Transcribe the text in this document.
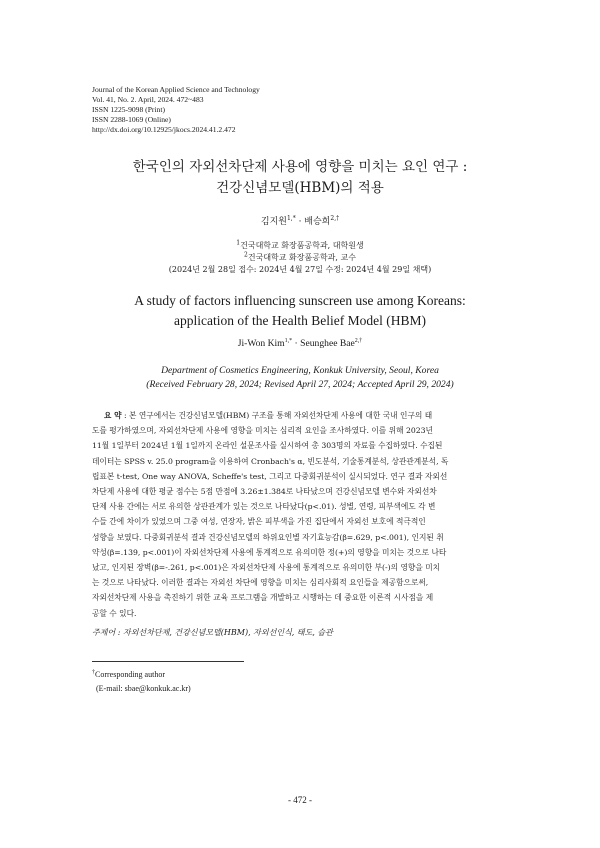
Journal of the Korean Applied Science and Technology
Vol. 41, No. 2. April, 2024. 472~483
ISSN 1225-9098 (Print)
ISSN 2288-1069 (Online)
http://dx.doi.org/10.12925/jkocs.2024.41.2.472
한국인의 자외선차단제 사용에 영향을 미치는 요인 연구 :
건강신념모델(HBM)의 적용
김지원$^{1,*}$ · 배승희$^{2,\dagger}$
$^1$건국대학교 화장품공학과, 대학원생
$^2$건국대학교 화장품공학과, 교수
(2024년 2월 28일 접수: 2024년 4월 27일 수정: 2024년 4월 29일 채택)
A study of factors influencing sunscreen use among Koreans:
application of the Health Belief Model (HBM)
Ji-Won Kim$^{1,*}$ · Seunghee Bae$^{2,\dagger}$
Department of Cosmetics Engineering, Konkuk University, Seoul, Korea
(Received February 28, 2024; Revised April 27, 2024; Accepted April 29, 2024)
요 약 : 본 연구에서는 건강신념모델(HBM) 구조를 통해 자외선차단제 사용에 대한 국내 인구의 태
도를 평가하였으며, 자외선차단제 사용에 영향을 미치는 심리적 요인을 조사하였다. 이를 위해 2023년
11월 1일부터 2024년 1월 1일까지 온라인 설문조사를 실시하여 총 303명의 자료를 수집하였다. 수집된
데이터는 SPSS v. 25.0 program을 이용하여 Cronbach's α, 빈도분석, 기술통계분석, 상관관계분석, 독
립표본 t-test, One way ANOVA, Scheffe's test, 그리고 다중회귀분석이 실시되었다. 연구 결과 자외선
차단제 사용에 대한 평균 점수는 5점 만점에 3.26±1.384로 나타났으며 건강신념모델 변수와 자외선차
단제 사용 간에는 서로 유의한 상관관계가 있는 것으로 나타났다(p<.01). 성별, 연령, 피부색에도 각 변
수들 간에 차이가 있었으며 그중 여성, 연장자, 밝은 피부색을 가진 집단에서 자외선 보호에 적극적인
성향을 보였다. 다중회귀분석 결과 건강신념모델의 하위요인별 자기효능감(β=.629, p<.001), 인지된 취
약성(β=.139, p<.001)이 자외선차단제 사용에 통계적으로 유의미한 정(+)의 영향을 미치는 것으로 나타
났고, 인지된 장벽(β=-.261, p<.001)은 자외선차단제 사용에 통계적으로 유의미한 부(-)의 영향을 미치
는 것으로 나타났다. 이러한 결과는 자외선 차단에 영향을 미치는 심리사회적 요인들을 제공함으로써,
자외선차단제 사용을 촉진하기 위한 교육 프로그램을 개발하고 시행하는 데 중요한 이론적 시사점을 제
공할 수 있다.
주제어 : 자외선차단제, 건강신념모델(HBM), 자외선인식, 태도, 습관
†Corresponding author
(E-mail: sbae@konkuk.ac.kr)
- 472 -
